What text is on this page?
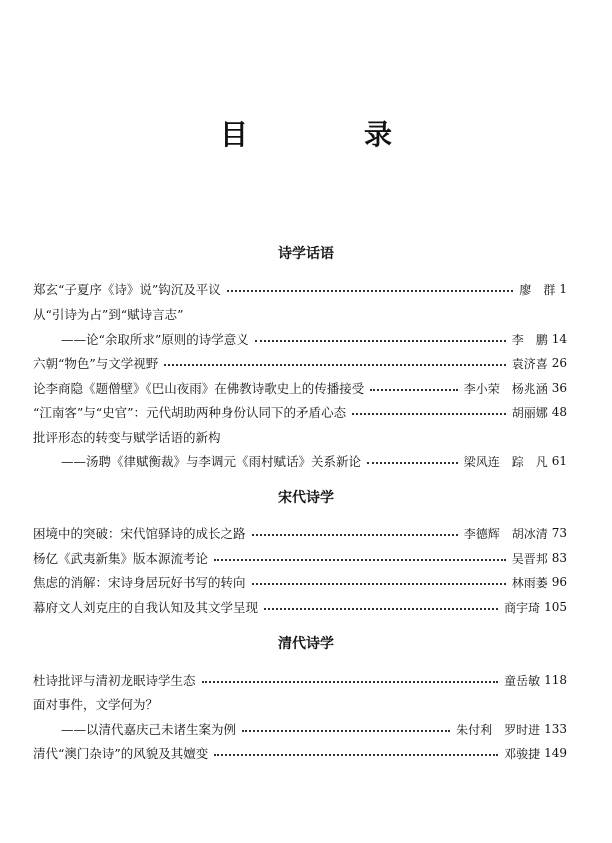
目　录
诗学话语
郑玄“子夏序《诗》说”钩沉及平议	廖　群 1
从“引诗为占”到“赋诗言志”
——论“余取所求”原则的诗学意义	李　鹏 14
六朝“物色”与文学视野	袁济喜 26
论李商隐《题僧壁》《巴山夜雨》在佛教诗歌史上的传播接受	李小荣　杨兆涵 36
“江南客”与“史官”：元代胡助两种身份认同下的矛盾心态	胡丽娜 48
批评形态的转变与赋学话语的新构
——汤聘《律赋衡裁》与李调元《雨村赋话》关系新论	梁风连　踪　凡 61
宋代诗学
困境中的突破：宋代馆驿诗的成长之路	李德辉　胡冰清 73
杨亿《武夷新集》版本源流考论	吴晋邦 83
焦虑的消解：宋诗身居玩好书写的转向	林雨萎 96
幕府文人刘克庄的自我认知及其文学呈现	商宇琦 105
清代诗学
杜诗批评与清初龙眠诗学生态	童岳敏 118
面对事件，文学何为？
——以清代嘉庆己未诸生案为例	朱付利　罗时进 133
清代“澳门杂诗”的风貌及其嬗变	邓骏捷 149
